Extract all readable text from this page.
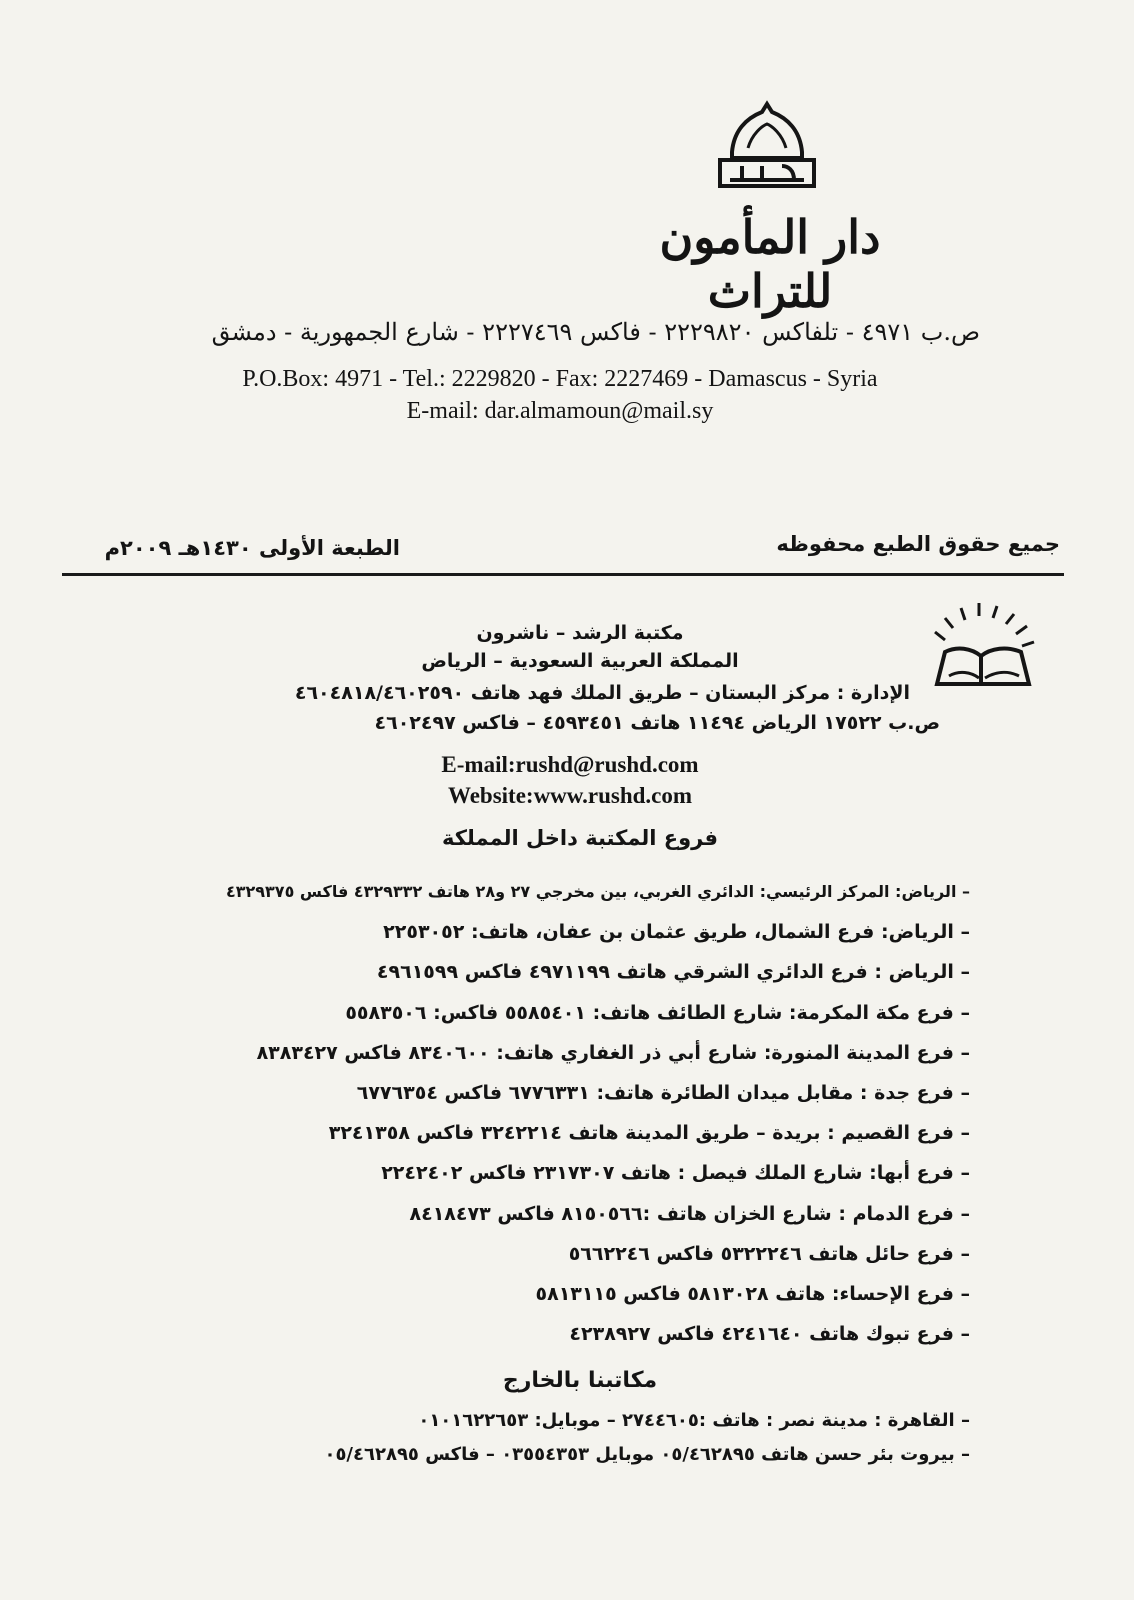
دار المأمون للتراث
ص.ب ٤٩٧١ - تلفاكس ٢٢٢٩٨٢٠ - فاكس ٢٢٢٧٤٦٩ - شارع الجمهورية - دمشق
P.O.Box: 4971 - Tel.: 2229820 - Fax: 2227469 - Damascus - Syria
E-mail: dar.almamoun@mail.sy
جميع حقوق الطبع محفوظه
الطبعة الأولى ١٤٣٠هـ ٢٠٠٩م
مكتبة الرشد – ناشرون
المملكة العربية السعودية – الرياض
الإدارة : مركز البستان – طريق الملك فهد هاتف ٤٦٠٤٨١٨/٤٦٠٢٥٩٠
ص.ب ١٧٥٢٢ الرياض ١١٤٩٤ هاتف ٤٥٩٣٤٥١ – فاكس ٤٦٠٢٤٩٧
E-mail:rushd@rushd.com
Website:www.rushd.com
فروع المكتبة داخل المملكة
– الرياض: المركز الرئيسي: الدائري الغربي، بين مخرجي ٢٧ و٢٨ هاتف ٤٣٢٩٣٣٢ فاكس ٤٣٢٩٣٧٥
– الرياض: فرع الشمال، طريق عثمان بن عفان، هاتف: ٢٢٥٣٠٥٢
– الرياض : فرع الدائري الشرقي هاتف ٤٩٧١١٩٩ فاكس ٤٩٦١٥٩٩
– فرع مكة المكرمة: شارع الطائف هاتف: ٥٥٨٥٤٠١ فاكس: ٥٥٨٣٥٠٦
– فرع المدينة المنورة: شارع أبي ذر الغفاري هاتف: ٨٣٤٠٦٠٠ فاكس ٨٣٨٣٤٢٧
– فرع جدة : مقابل ميدان الطائرة هاتف: ٦٧٧٦٣٣١ فاكس ٦٧٧٦٣٥٤
– فرع القصيم : بريدة – طريق المدينة هاتف ٣٢٤٢٢١٤ فاكس ٣٢٤١٣٥٨
– فرع أبها: شارع الملك فيصل : هاتف ٢٣١٧٣٠٧ فاكس ٢٢٤٢٤٠٢
– فرع الدمام : شارع الخزان هاتف :٨١٥٠٥٦٦ فاكس ٨٤١٨٤٧٣
– فرع حائل هاتف ٥٣٢٢٢٤٦ فاكس ٥٦٦٢٢٤٦
– فرع الإحساء: هاتف ٥٨١٣٠٢٨ فاكس ٥٨١٣١١٥
– فرع تبوك هاتف ٤٢٤١٦٤٠ فاكس ٤٢٣٨٩٢٧
مكاتبنا بالخارج
– القاهرة : مدينة نصر : هاتف :٢٧٤٤٦٠٥ – موبايل: ٠١٠١٦٢٢٦٥٣
– بيروت بئر حسن هاتف ٠٥/٤٦٢٨٩٥ موبايل ٠٣٥٥٤٣٥٣ – فاكس ٠٥/٤٦٢٨٩٥
